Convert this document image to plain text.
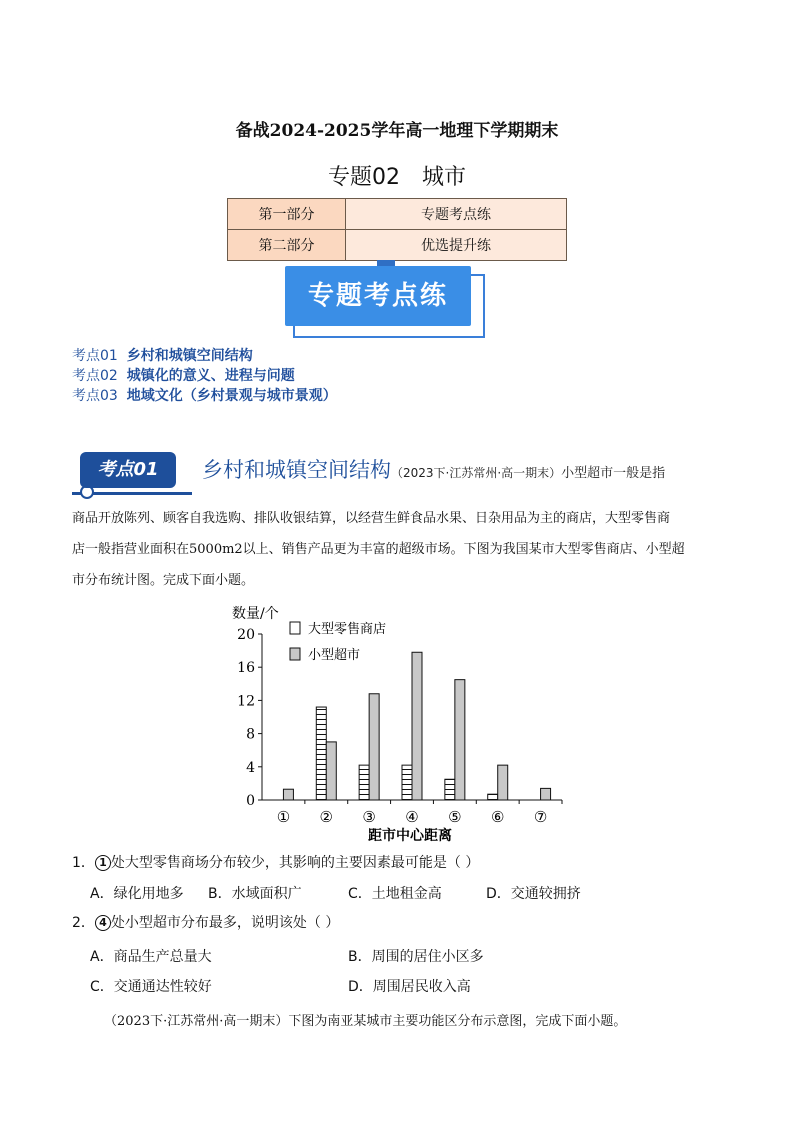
备战2024-2025学年高一地理下学期期末
专题02 城市
第一部分	专题考点练
第二部分	优选提升练
专题考点练
考点01 乡村和城镇空间结构
考点02 城镇化的意义、进程与问题
考点03 地域文化（乡村景观与城市景观）
考点01	乡村和城镇空间结构（2023下·江苏常州·高一期末）小型超市一般是指
商品开放陈列、顾客自我选购、排队收银结算，以经营生鲜食品水果、日杂用品为主的商店，大型零售商
店一般指营业面积在5000m2以上、销售产品更为丰富的超级市场。下图为我国某市大型零售商店、小型超
市分布统计图。完成下面小题。
数量/个
0
4
8
12
16
20
① ② ③ ④ ⑤ ⑥ ⑦
距市中心距离
大型零售商店
小型超市
1． 1 处大型零售商场分布较少，其影响的主要因素最可能是（ ）
A．绿化用地多 B．水域面积广	C．土地租金高	D．交通较拥挤
2． 4 处小型超市分布最多，说明该处（ ）
A．商品生产总量大	B．周围的居住小区多
C．交通通达性较好	D．周围居民收入高
（2023下·江苏常州·高一期末）下图为南亚某城市主要功能区分布示意图，完成下面小题。
